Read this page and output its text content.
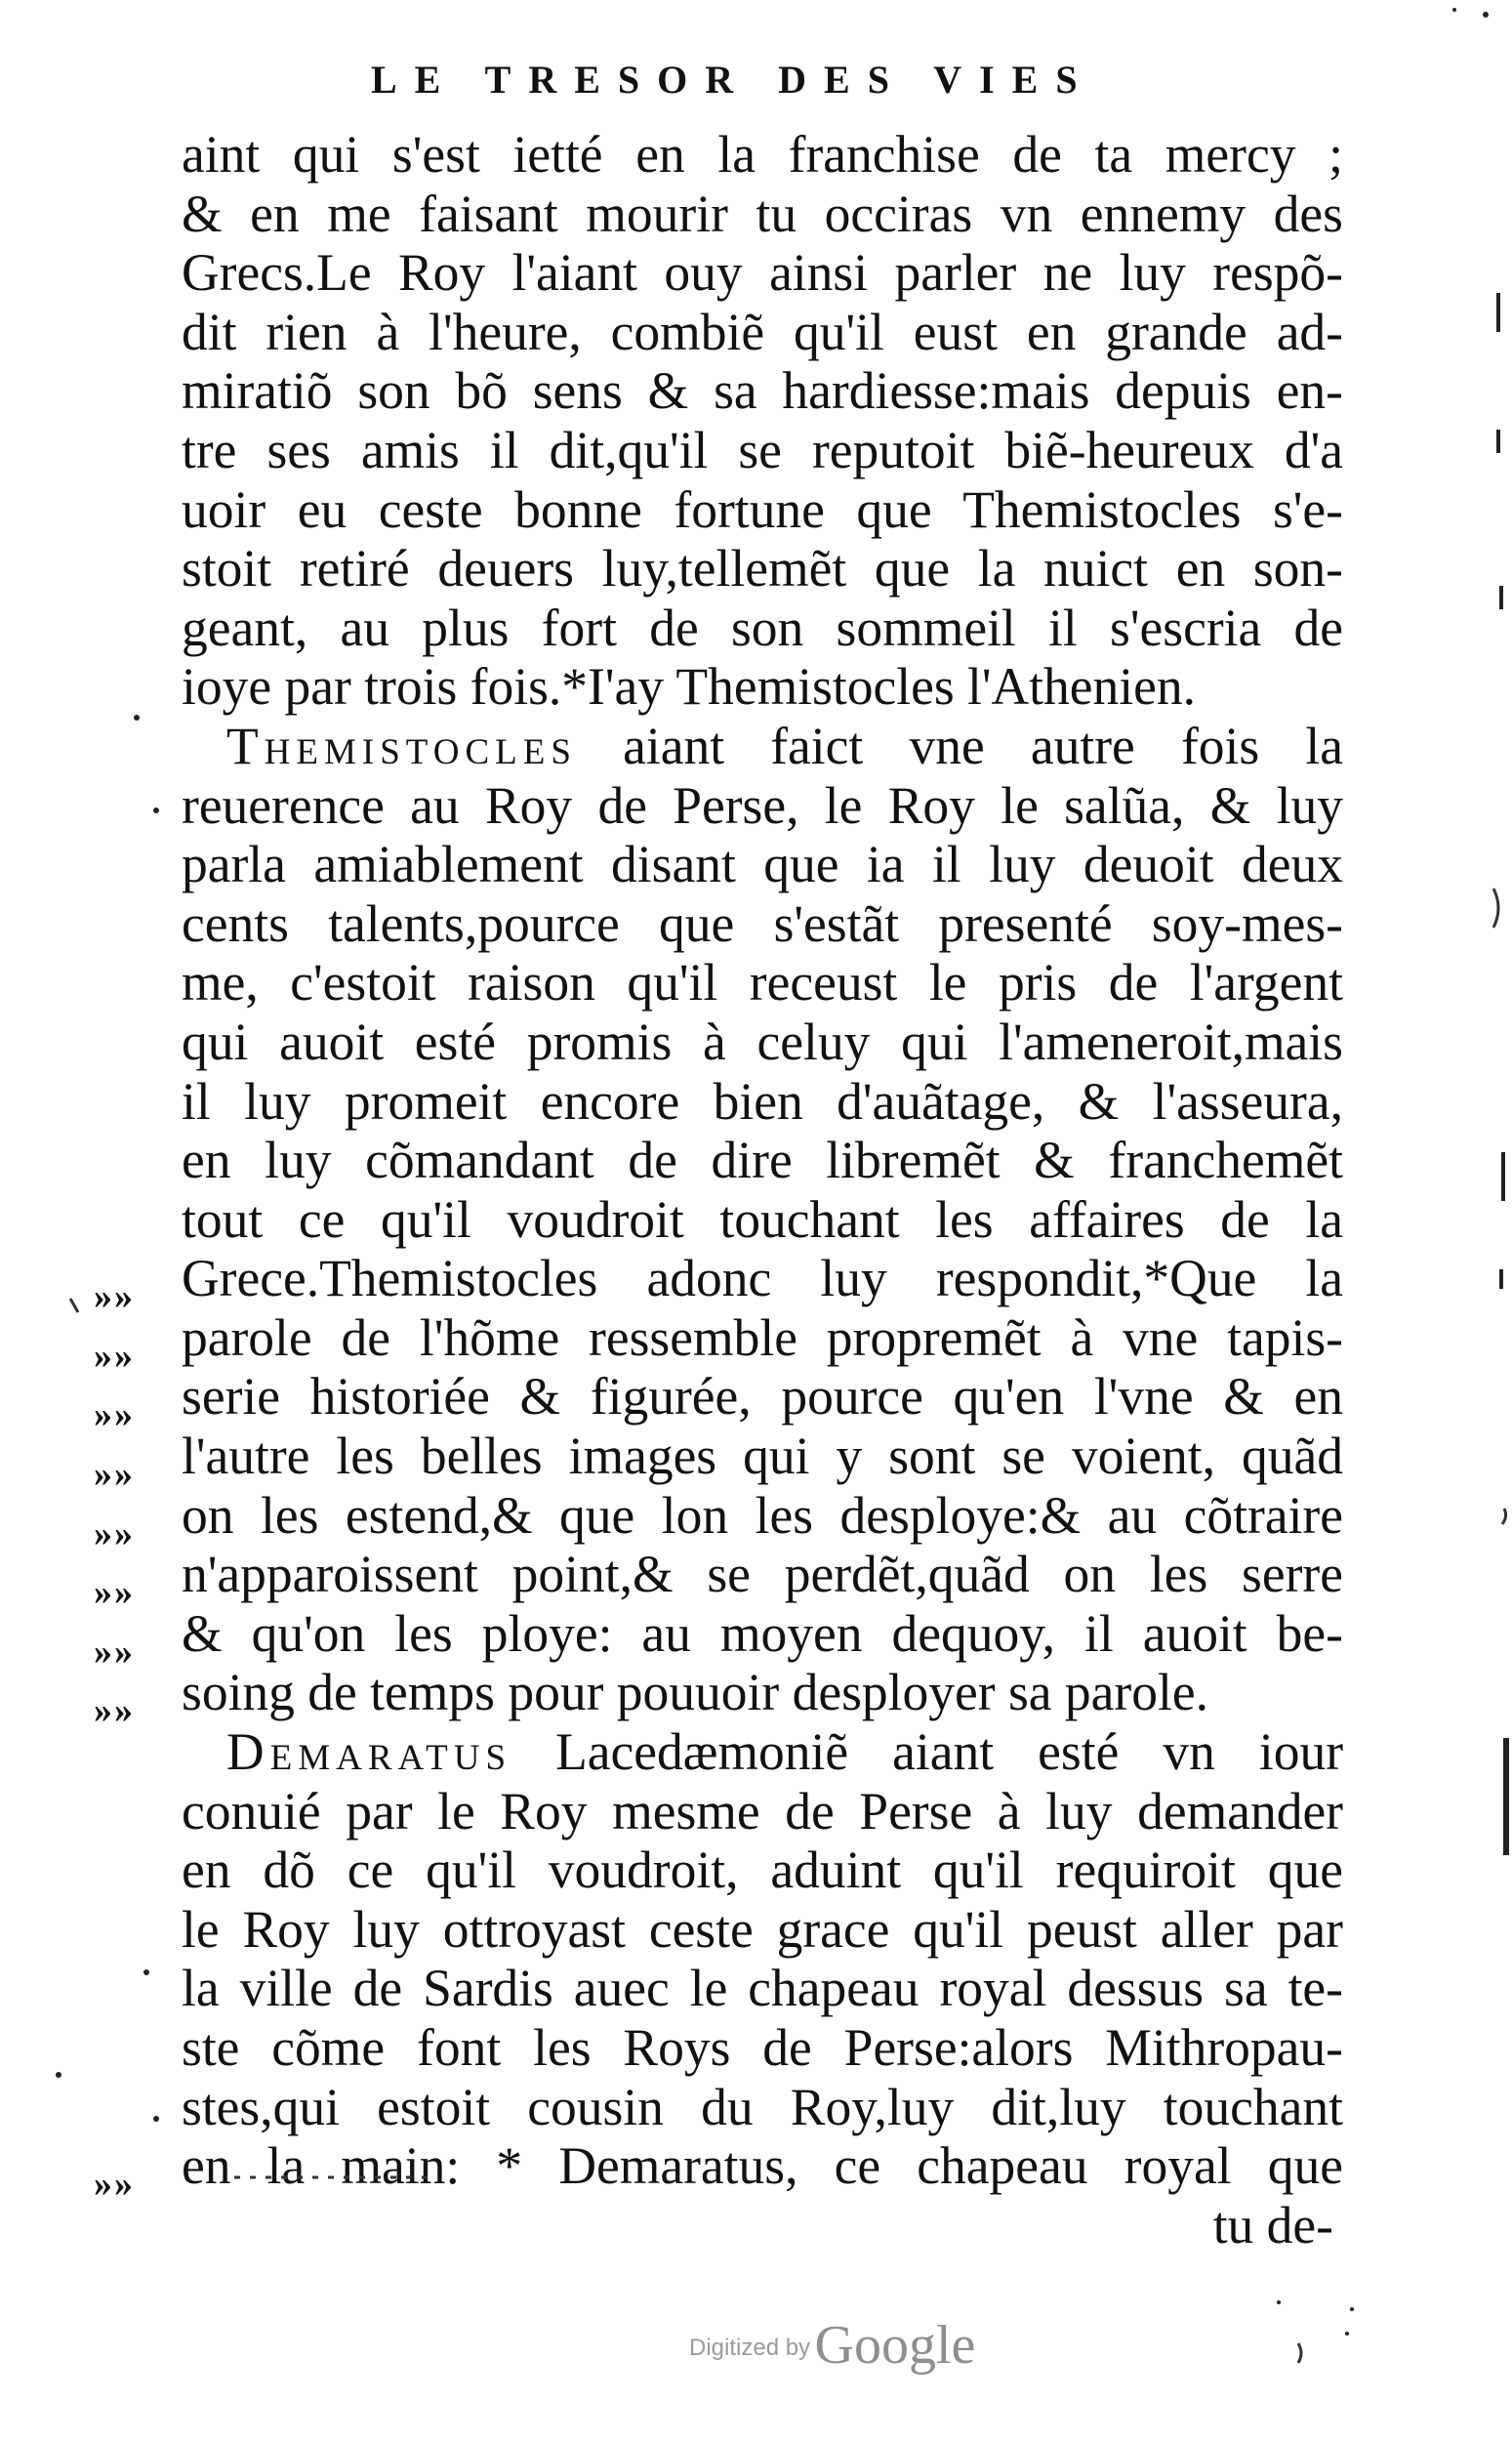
LE TRESOR DES VIES
aint qui s'est ietté en la franchise de ta mercy ;
& en me faisant mourir tu occiras vn ennemy des
Grecs.Le Roy l'aiant ouy ainsi parler ne luy respõ-
dit rien à l'heure, combiẽ qu'il eust en grande ad-
miratiõ son bõ sens & sa hardiesse:mais depuis en-
tre ses amis il dit,qu'il se reputoit biẽ-heureux d'a
uoir eu ceste bonne fortune que Themistocles s'e-
stoit retiré deuers luy,tellemẽt que la nuict en son-
geant, au plus fort de son sommeil il s'escria de
ioye par trois fois.*I'ay Themistocles l'Athenien.
Themistocles aiant faict vne autre fois la
reuerence au Roy de Perse, le Roy le salũa, & luy
parla amiablement disant que ia il luy deuoit deux
cents talents,pource que s'estãt presenté soy-mes-
me, c'estoit raison qu'il receust le pris de l'argent
qui auoit esté promis à celuy qui l'ameneroit,mais
il luy promeit encore bien d'auãtage, & l'asseura,
en luy cõmandant de dire libremẽt & franchemẽt
tout ce qu'il voudroit touchant les affaires de la
Grece.Themistocles adonc luy respondit,*Que la
parole de l'hõme ressemble propremẽt à vne tapis-
serie historiée & figurée, pource qu'en l'vne & en
l'autre les belles images qui y sont se voient, quãd
on les estend,& que lon les desploye:& au cõtraire
n'apparoissent point,& se perdẽt,quãd on les serre
& qu'on les ploye: au moyen dequoy, il auoit be-
soing de temps pour pouuoir desployer sa parole.
Demaratus Lacedæmoniẽ aiant esté vn iour
conuié par le Roy mesme de Perse à luy demander
en dõ ce qu'il voudroit, aduint qu'il requiroit que
le Roy luy ottroyast ceste grace qu'il peust aller par
la ville de Sardis auec le chapeau royal dessus sa te-
ste cõme font les Roys de Perse:alors Mithropau-
stes,qui estoit cousin du Roy,luy dit,luy touchant
en la main: * Demaratus, ce chapeau royal que
tu de-
»»
»»
»»
»»
»»
»»
»»
»»
»»
Digitized by Google
